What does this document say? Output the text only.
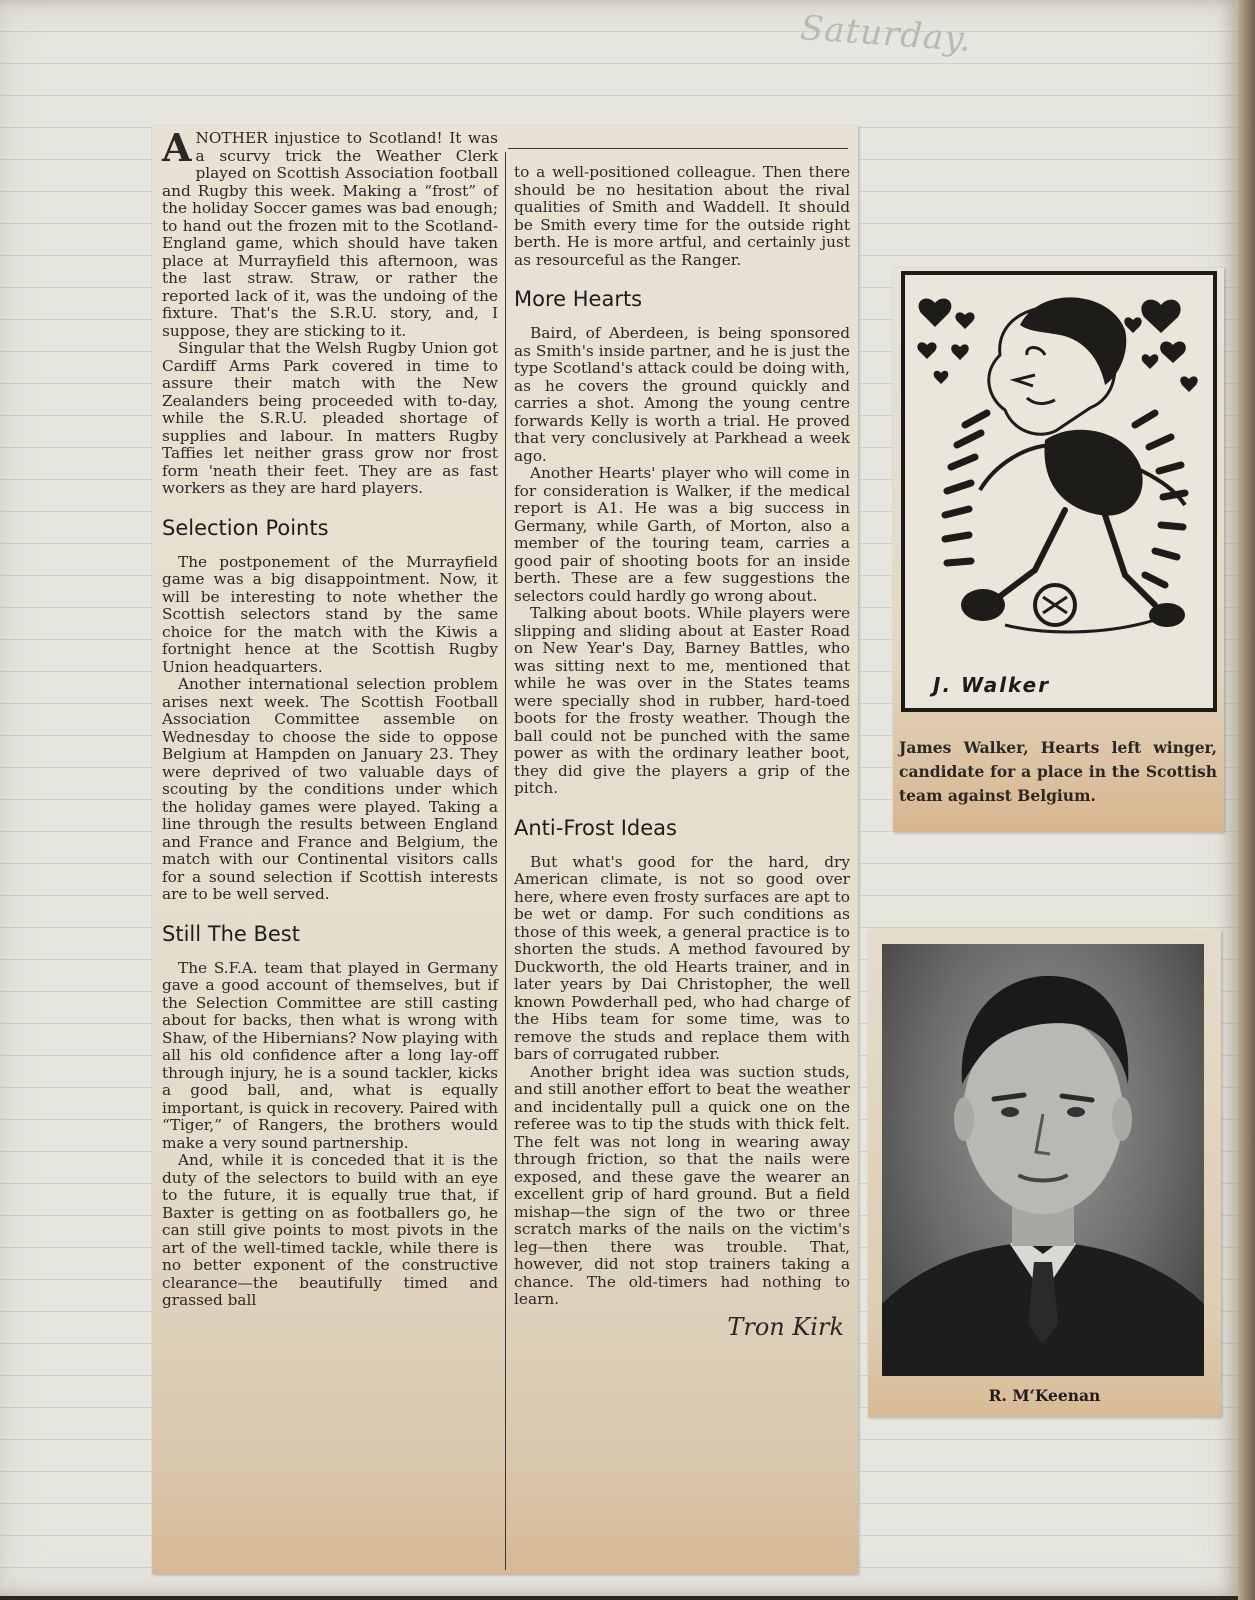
Saturday.

ANOTHER injustice to Scotland! It was a scurvy trick the Weather Clerk played on Scottish Association football and Rugby this week. Making a “frost” of the holiday Soccer games was bad enough; to hand out the frozen mit to the Scotland-England game, which should have taken place at Murrayfield this afternoon, was the last straw. Straw, or rather the reported lack of it, was the undoing of the fixture. That's the S.R.U. story, and, I suppose, they are sticking to it.

Singular that the Welsh Rugby Union got Cardiff Arms Park covered in time to assure their match with the New Zealanders being proceeded with to-day, while the S.R.U. pleaded shortage of supplies and labour. In matters Rugby Taffies let neither grass grow nor frost form 'neath their feet. They are as fast workers as they are hard players.

Selection Points

The postponement of the Murrayfield game was a big disappointment. Now, it will be interesting to note whether the Scottish selectors stand by the same choice for the match with the Kiwis a fortnight hence at the Scottish Rugby Union headquarters.

Another international selection problem arises next week. The Scottish Football Association Committee assemble on Wednesday to choose the side to oppose Belgium at Hampden on January 23. They were deprived of two valuable days of scouting by the conditions under which the holiday games were played. Taking a line through the results between England and France and France and Belgium, the match with our Continental visitors calls for a sound selection if Scottish interests are to be well served.

Still The Best

The S.F.A. team that played in Germany gave a good account of themselves, but if the Selection Committee are still casting about for backs, then what is wrong with Shaw, of the Hibernians? Now playing with all his old confidence after a long lay-off through injury, he is a sound tackler, kicks a good ball, and, what is equally important, is quick in recovery. Paired with “Tiger,” of Rangers, the brothers would make a very sound partnership.

And, while it is conceded that it is the duty of the selectors to build with an eye to the future, it is equally true that, if Baxter is getting on as footballers go, he can still give points to most pivots in the art of the well-timed tackle, while there is no better exponent of the constructive clearance—the beautifully timed and grassed ball

to a well-positioned colleague. Then there should be no hesitation about the rival qualities of Smith and Waddell. It should be Smith every time for the outside right berth. He is more artful, and certainly just as resourceful as the Ranger.

More Hearts

Baird, of Aberdeen, is being sponsored as Smith's inside partner, and he is just the type Scotland's attack could be doing with, as he covers the ground quickly and carries a shot. Among the young centre forwards Kelly is worth a trial. He proved that very conclusively at Parkhead a week ago.

Another Hearts' player who will come in for consideration is Walker, if the medical report is A1. He was a big success in Germany, while Garth, of Morton, also a member of the touring team, carries a good pair of shooting boots for an inside berth. These are a few suggestions the selectors could hardly go wrong about.

Talking about boots. While players were slipping and sliding about at Easter Road on New Year's Day, Barney Battles, who was sitting next to me, mentioned that while he was over in the States teams were specially shod in rubber, hard-toed boots for the frosty weather. Though the ball could not be punched with the same power as with the ordinary leather boot, they did give the players a grip of the pitch.

Anti-Frost Ideas

But what's good for the hard, dry American climate, is not so good over here, where even frosty surfaces are apt to be wet or damp. For such conditions as those of this week, a general practice is to shorten the studs. A method favoured by Duckworth, the old Hearts trainer, and in later years by Dai Christopher, the well known Powderhall ped, who had charge of the Hibs team for some time, was to remove the studs and replace them with bars of corrugated rubber.

Another bright idea was suction studs, and still another effort to beat the weather and incidentally pull a quick one on the referee was to tip the studs with thick felt. The felt was not long in wearing away through friction, so that the nails were exposed, and these gave the wearer an excellent grip of hard ground. But a field mishap—the sign of the two or three scratch marks of the nails on the victim's leg—then there was trouble. That, however, did not stop trainers taking a chance. The old-timers had nothing to learn.

Tron Kirk
J. Walker
James Walker, Hearts left winger, candidate for a place in the Scottish team against Belgium.
R. M‘Keenan
